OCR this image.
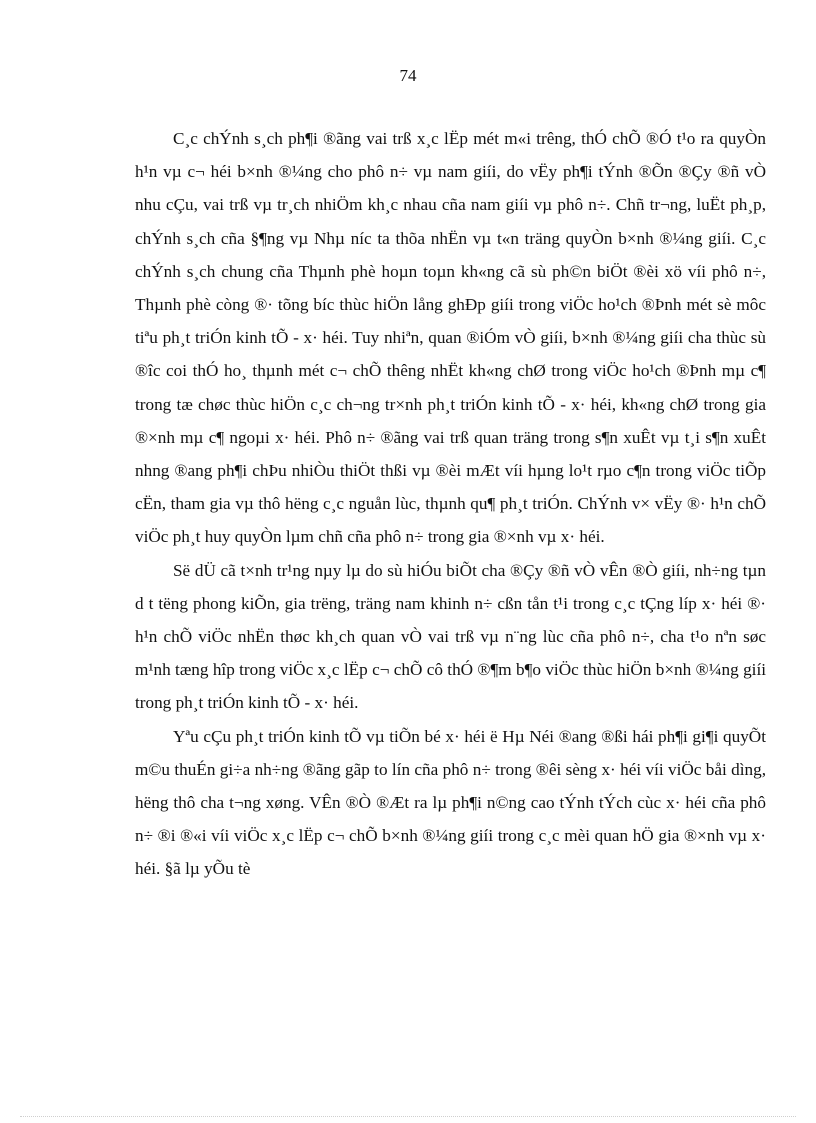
74

C¸c chÝnh s¸ch ph¶i ®ãng vai trß x¸c lËp mét m«i trêng, thÓ chÕ ®Ó t¹o ra quyÒn h¹n vµ c¬ héi b×nh ®¼ng cho phô n÷ vµ nam giíi, do vËy ph¶i tÝnh ®Õn ®Çy ®ñ vÒ nhu cÇu, vai trß vµ tr¸ch nhiÖm kh¸c nhau cña nam giíi vµ phô n÷. Chñ tr¬ng, luËt ph¸p, chÝnh s¸ch cña §¶ng vµ Nhµ níc ta thõa nhËn vµ t«n träng quyÒn b×nh ®¼ng giíi. C¸c chÝnh s¸ch chung cña Thµnh phè hoµn toµn kh«ng cã sù ph©n biÖt ®èi xö víi phô n÷, Thµnh phè còng ®· tõng bíc thùc hiÖn lång ghÐp giíi trong viÖc ho¹ch ®Þnh mét sè môc tiªu ph¸t triÓn kinh tÕ - x· héi. Tuy nhiªn, quan ®iÓm vÒ giíi, b×nh ®¼ng giíi cha thùc sù ®îc coi thÓ ho¸ thµnh mét c¬ chÕ thêng nhËt kh«ng chØ trong viÖc ho¹ch ®Þnh mµ c¶ trong tæ chøc thùc hiÖn c¸c ch¬ng tr×nh ph¸t triÓn kinh tÕ - x· héi, kh«ng chØ trong gia ®×nh mµ c¶ ngoµi x· héi. Phô n÷ ®ãng vai trß quan träng trong s¶n xuÊt vµ t¸i s¶n xuÊt nhng ®ang ph¶i chÞu nhiÒu thiÖt thßi vµ ®èi mÆt víi hµng lo¹t rµo c¶n trong viÖc tiÕp cËn, tham gia vµ thô hëng c¸c nguån lùc, thµnh qu¶ ph¸t triÓn. ChÝnh v× vËy ®· h¹n chÕ viÖc ph¸t huy quyÒn lµm chñ cña phô n÷ trong gia ®×nh vµ x· héi.

Së dÜ cã t×nh tr¹ng nµy lµ do sù hiÓu biÕt cha ®Çy ®ñ vÒ vÊn ®Ò giíi, nh÷ng tµn d t tëng phong kiÕn, gia trëng, träng nam khinh n÷ cßn tån t¹i trong c¸c tÇng líp x· héi ®· h¹n chÕ viÖc nhËn thøc kh¸ch quan vÒ vai trß vµ n¨ng lùc cña phô n÷, cha t¹o nªn søc m¹nh tæng hîp trong viÖc x¸c lËp c¬ chÕ cô thÓ ®¶m b¶o viÖc thùc hiÖn b×nh ®¼ng giíi trong ph¸t triÓn kinh tÕ - x· héi.

Yªu cÇu ph¸t triÓn kinh tÕ vµ tiÕn bé x· héi ë Hµ Néi ®ang ®ßi hái ph¶i gi¶i quyÕt m©u thuÉn gi÷a nh÷ng ®ãng gãp to lín cña phô n÷ trong ®êi sèng x· héi víi viÖc båi dìng, hëng thô cha t¬ng xøng. VÊn ®Ò ®Æt ra lµ ph¶i n©ng cao tÝnh tÝch cùc x· héi cña phô n÷ ®i ®«i víi viÖc x¸c lËp c¬ chÕ b×nh ®¼ng giíi trong c¸c mèi quan hÖ gia ®×nh vµ x· héi. §ã lµ yÕu tè
